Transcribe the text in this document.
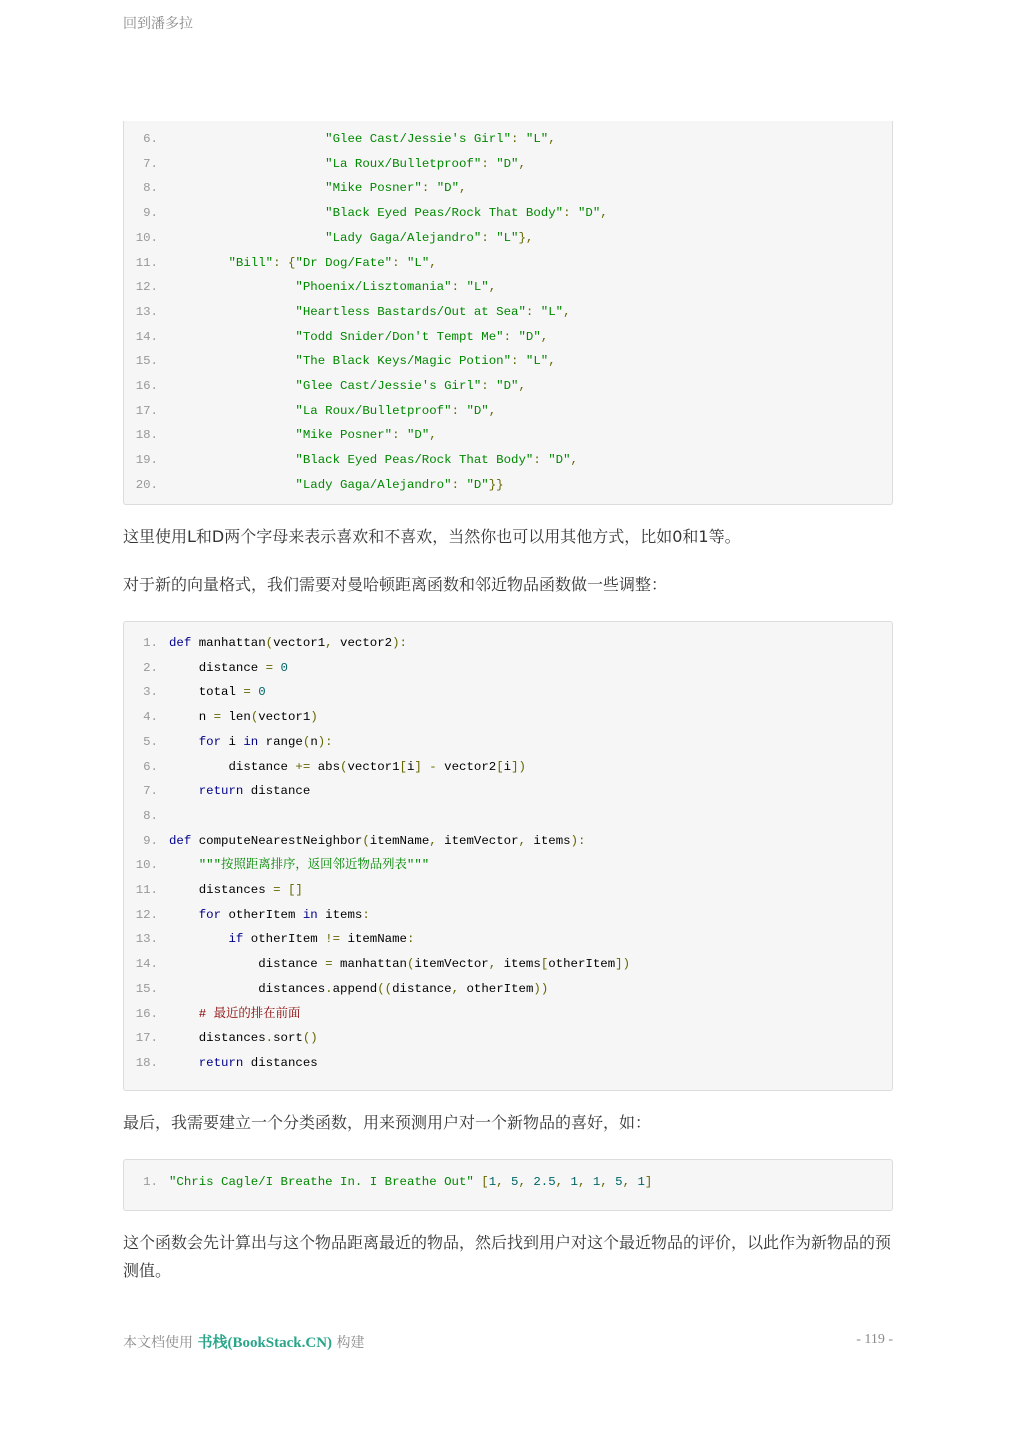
回到潘多拉
6.	"Glee Cast/Jessie's Girl": "L",
7.	"La Roux/Bulletproof": "D",
8.	"Mike Posner": "D",
9.	"Black Eyed Peas/Rock That Body": "D",
10.	"Lady Gaga/Alejandro": "L"},
11.	"Bill": {"Dr Dog/Fate": "L",
12.	"Phoenix/Lisztomania": "L",
13.	"Heartless Bastards/Out at Sea": "L",
14.	"Todd Snider/Don't Tempt Me": "D",
15.	"The Black Keys/Magic Potion": "L",
16.	"Glee Cast/Jessie's Girl": "D",
17.	"La Roux/Bulletproof": "D",
18.	"Mike Posner": "D",
19.	"Black Eyed Peas/Rock That Body": "D",
20.	"Lady Gaga/Alejandro": "D"}}
这里使用L和D两个字母来表示喜欢和不喜欢，当然你也可以用其他方式，比如0和1等。
对于新的向量格式，我们需要对曼哈顿距离函数和邻近物品函数做一些调整：
1. def manhattan(vector1, vector2):
2.	distance = 0
3.	total = 0
4.	n = len(vector1)
5.	for i in range(n):
6.	distance += abs(vector1[i] - vector2[i])
7.	return distance
8.
9. def computeNearestNeighbor(itemName, itemVector, items):
10.	"""按照距离排序，返回邻近物品列表"""
11.	distances = []
12.	for otherItem in items:
13.	if otherItem != itemName:
14.	distance = manhattan(itemVector, items[otherItem])
15.	distances.append((distance, otherItem))
16.	# 最近的排在前面
17.	distances.sort()
18.	return distances
最后，我需要建立一个分类函数，用来预测用户对一个新物品的喜好，如：
1. "Chris Cagle/I Breathe In. I Breathe Out" [1, 5, 2.5, 1, 1, 5, 1]
这个函数会先计算出与这个物品距离最近的物品，然后找到用户对这个最近物品的评价，以此作为新物品的预测值。
本文档使用 书栈(BookStack.CN) 构建	- 119 -
